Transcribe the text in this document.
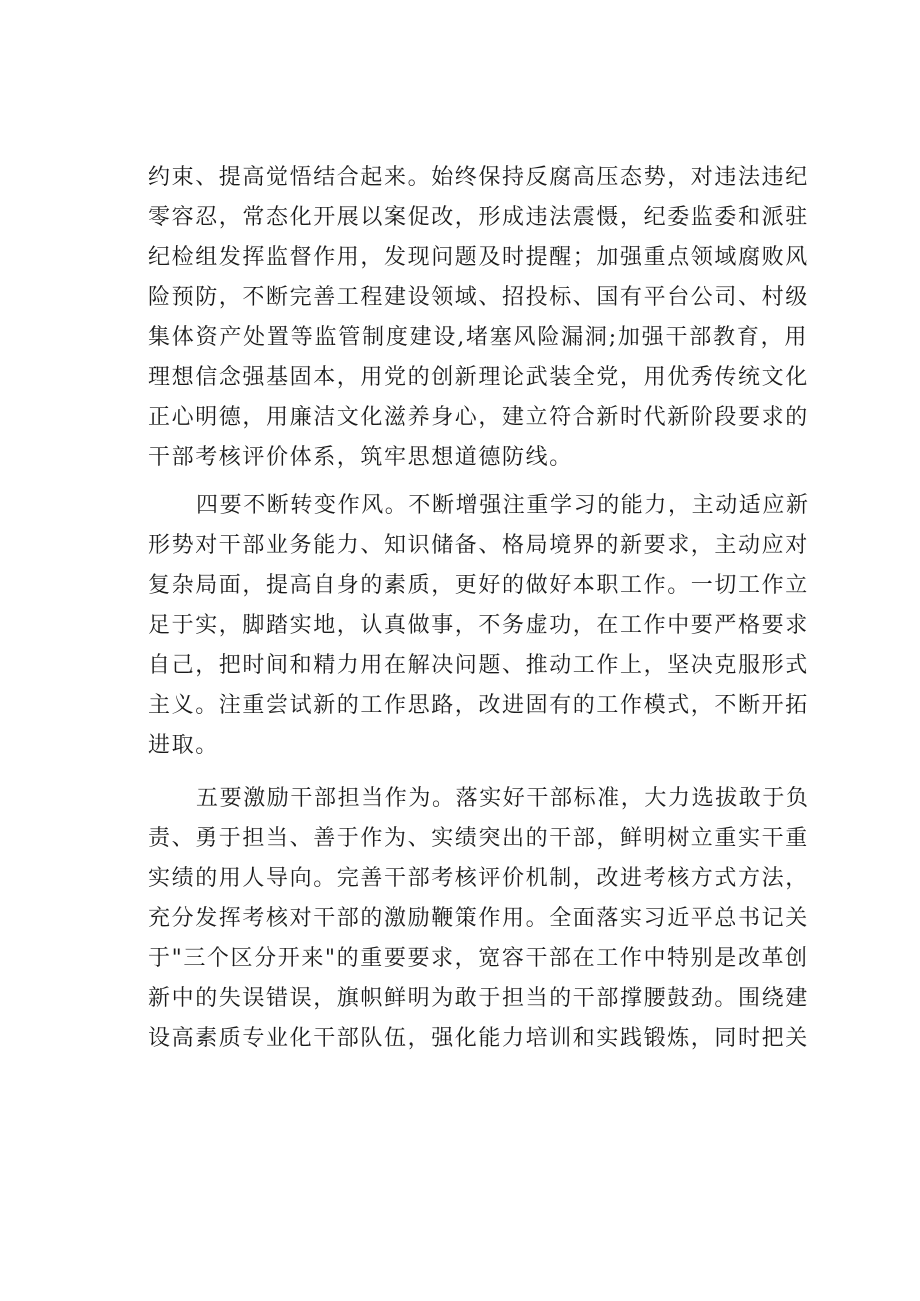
约束、提高觉悟结合起来。始终保持反腐高压态势，对违法违纪
零容忍，常态化开展以案促改，形成违法震慑，纪委监委和派驻
纪检组发挥监督作用，发现问题及时提醒；加强重点领域腐败风
险预防，不断完善工程建设领域、招投标、国有平台公司、村级
集体资产处置等监管制度建设,堵塞风险漏洞;加强干部教育，用
理想信念强基固本，用党的创新理论武装全党，用优秀传统文化
正心明德，用廉洁文化滋养身心，建立符合新时代新阶段要求的
干部考核评价体系，筑牢思想道德防线。
四要不断转变作风。不断增强注重学习的能力，主动适应新
形势对干部业务能力、知识储备、格局境界的新要求，主动应对
复杂局面，提高自身的素质，更好的做好本职工作。一切工作立
足于实，脚踏实地，认真做事，不务虚功，在工作中要严格要求
自己，把时间和精力用在解决问题、推动工作上，坚决克服形式
主义。注重尝试新的工作思路，改进固有的工作模式，不断开拓
进取。
五要激励干部担当作为。落实好干部标准，大力选拔敢于负
责、勇于担当、善于作为、实绩突出的干部，鲜明树立重实干重
实绩的用人导向。完善干部考核评价机制，改进考核方式方法，
充分发挥考核对干部的激励鞭策作用。全面落实习近平总书记关
于"三个区分开来"的重要要求，宽容干部在工作中特别是改革创
新中的失误错误，旗帜鲜明为敢于担当的干部撑腰鼓劲。围绕建
设高素质专业化干部队伍，强化能力培训和实践锻炼，同时把关
